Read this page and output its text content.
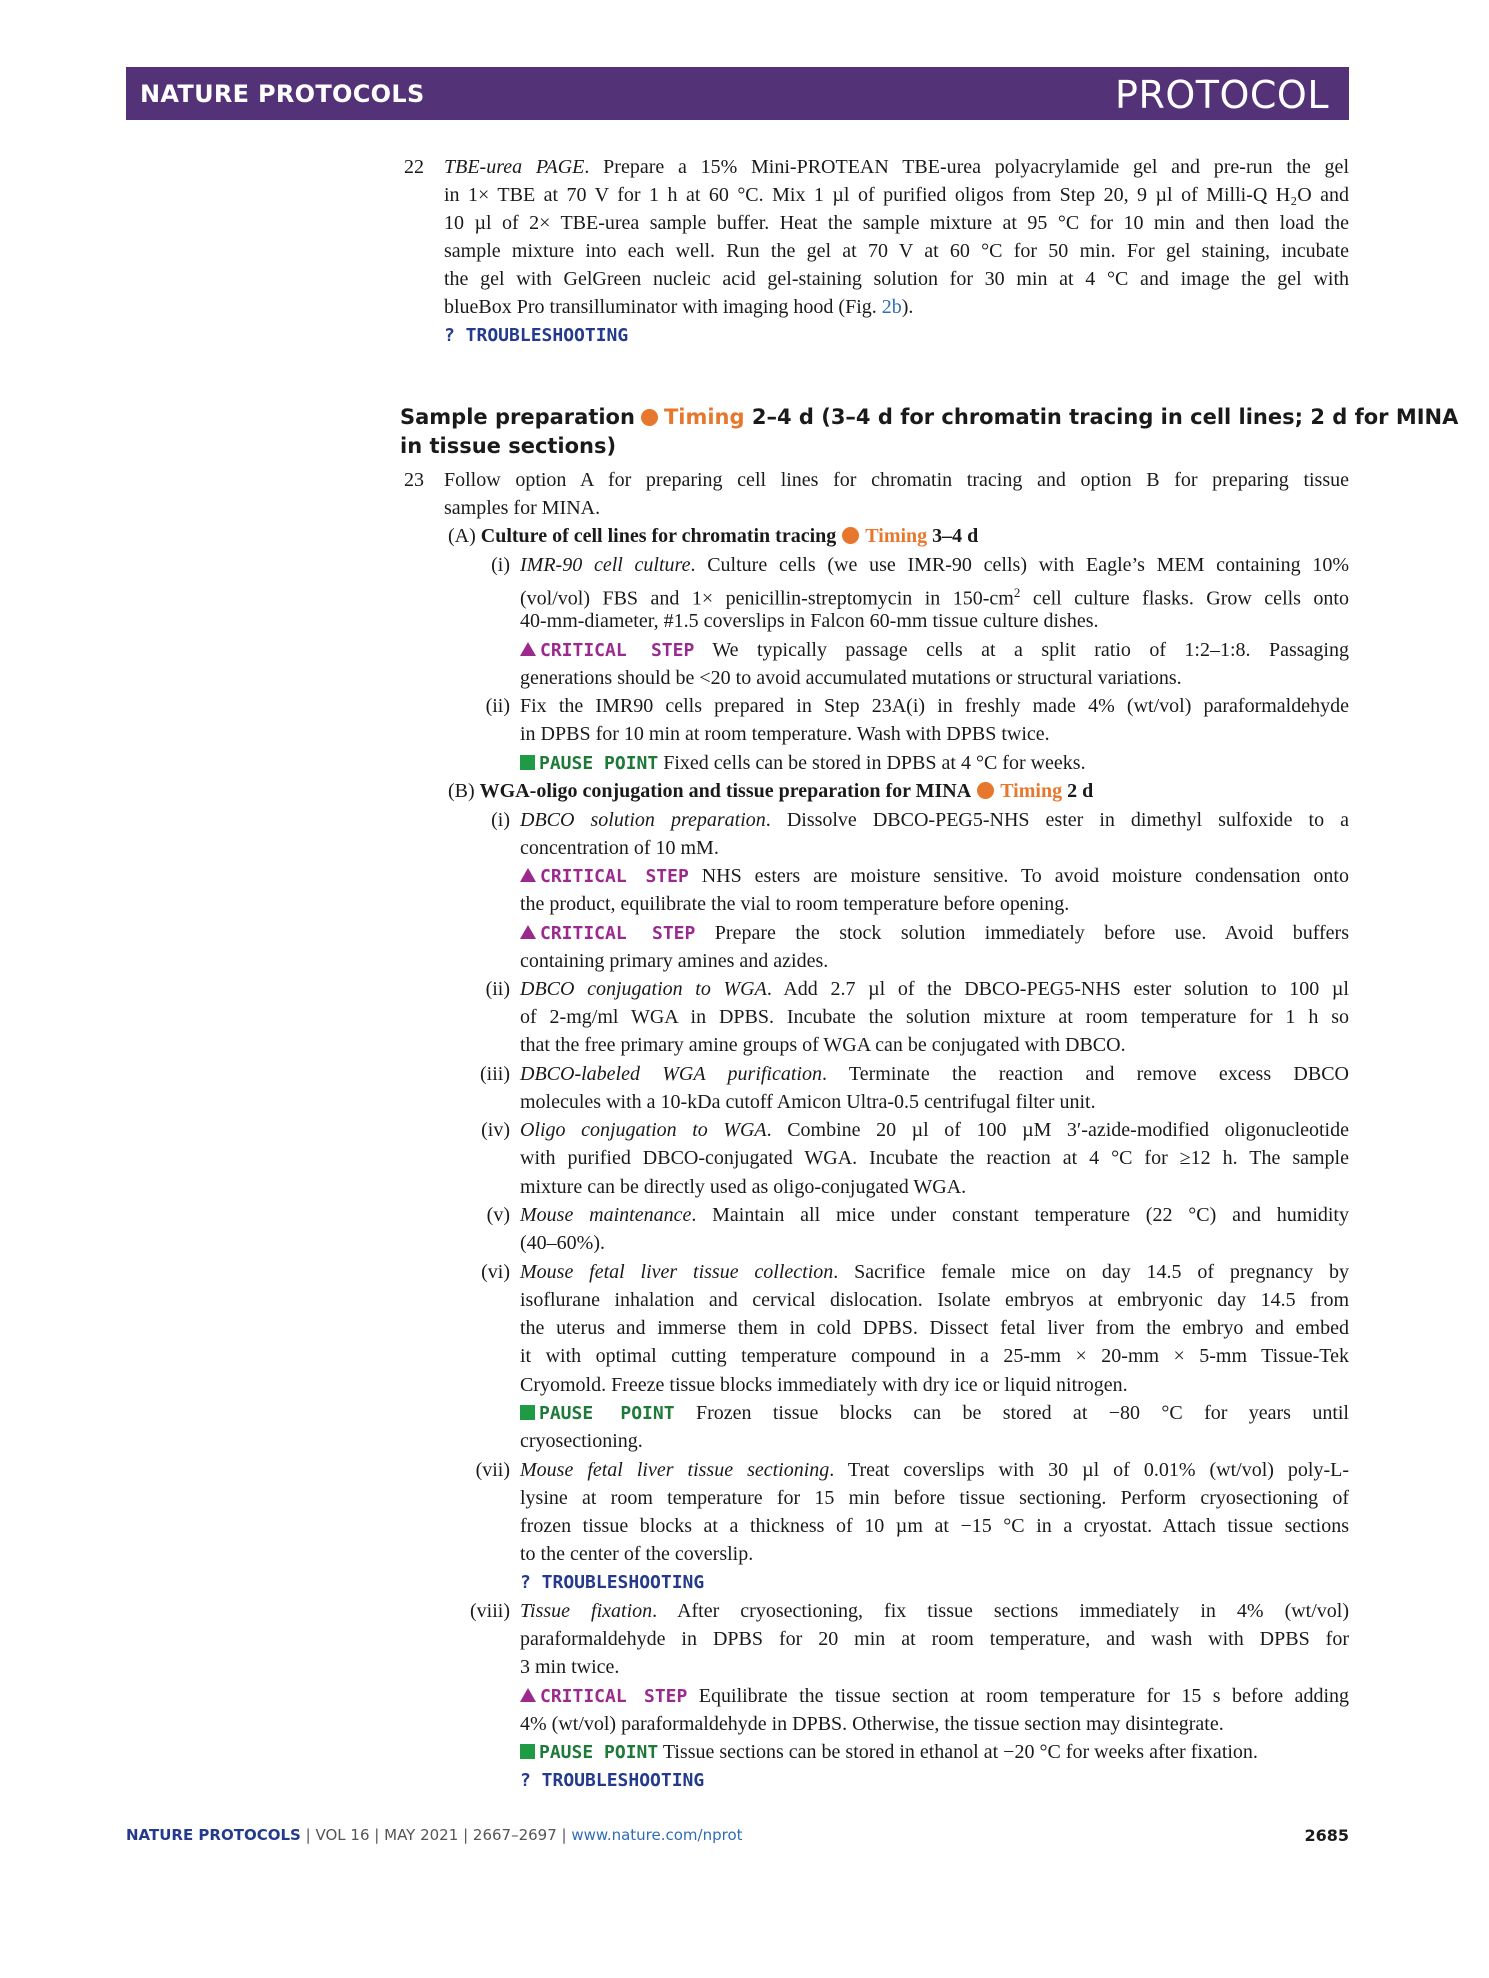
NATURE PROTOCOLS	PROTOCOL
22 TBE-urea PAGE. Prepare a 15% Mini-PROTEAN TBE-urea polyacrylamide gel and pre-run the gel
in 1× TBE at 70 V for 1 h at 60 °C. Mix 1 µl of purified oligos from Step 20, 9 µl of Milli-Q H₂O and
10 µl of 2× TBE-urea sample buffer. Heat the sample mixture at 95 °C for 10 min and then load the
sample mixture into each well. Run the gel at 70 V at 60 °C for 50 min. For gel staining, incubate
the gel with GelGreen nucleic acid gel-staining solution for 30 min at 4 °C and image the gel with
blueBox Pro transilluminator with imaging hood (Fig. 2b).
? TROUBLESHOOTING
Sample preparation Timing 2–4 d (3–4 d for chromatin tracing in cell lines; 2 d for MINA
in tissue sections)
23 Follow option A for preparing cell lines for chromatin tracing and option B for preparing tissue
samples for MINA.
(A) Culture of cell lines for chromatin tracing Timing 3–4 d
(i) IMR-90 cell culture. Culture cells (we use IMR-90 cells) with Eagle’s MEM containing 10%
(vol/vol) FBS and 1× penicillin-streptomycin in $150-cm^2$ cell culture flasks. Grow cells onto
40-mm-diameter, #1.5 coverslips in Falcon 60-mm tissue culture dishes.
CRITICAL STEP We typically passage cells at a split ratio of 1:2–1:8. Passaging
generations should be <20 to avoid accumulated mutations or structural variations.
(ii) Fix the IMR90 cells prepared in Step 23A(i) in freshly made 4% (wt/vol) paraformaldehyde
in DPBS for 10 min at room temperature. Wash with DPBS twice.
PAUSE POINT Fixed cells can be stored in DPBS at 4 °C for weeks.
(B) WGA-oligo conjugation and tissue preparation for MINA Timing 2 d
(i) DBCO solution preparation. Dissolve DBCO-PEG5-NHS ester in dimethyl sulfoxide to a
concentration of 10 mM.
CRITICAL STEP NHS esters are moisture sensitive. To avoid moisture condensation onto
the product, equilibrate the vial to room temperature before opening.
CRITICAL STEP Prepare the stock solution immediately before use. Avoid buffers
containing primary amines and azides.
(ii) DBCO conjugation to WGA. Add 2.7 µl of the DBCO-PEG5-NHS ester solution to 100 µl
of 2-mg/ml WGA in DPBS. Incubate the solution mixture at room temperature for 1 h so
that the free primary amine groups of WGA can be conjugated with DBCO.
(iii) DBCO-labeled WGA purification. Terminate the reaction and remove excess DBCO
molecules with a 10-kDa cutoff Amicon Ultra-0.5 centrifugal filter unit.
(iv) Oligo conjugation to WGA. Combine 20 µl of 100 µM 3′-azide-modified oligonucleotide
with purified DBCO-conjugated WGA. Incubate the reaction at 4 °C for ≥12 h. The sample
mixture can be directly used as oligo-conjugated WGA.
(v) Mouse maintenance. Maintain all mice under constant temperature (22 °C) and humidity
(40–60%).
(vi) Mouse fetal liver tissue collection. Sacrifice female mice on day 14.5 of pregnancy by
isoflurane inhalation and cervical dislocation. Isolate embryos at embryonic day 14.5 from
the uterus and immerse them in cold DPBS. Dissect fetal liver from the embryo and embed
it with optimal cutting temperature compound in a 25-mm × 20-mm × 5-mm Tissue-Tek
Cryomold. Freeze tissue blocks immediately with dry ice or liquid nitrogen.
PAUSE POINT Frozen tissue blocks can be stored at −80 °C for years until
cryosectioning.
(vii) Mouse fetal liver tissue sectioning. Treat coverslips with 30 µl of 0.01% (wt/vol) poly-L-
lysine at room temperature for 15 min before tissue sectioning. Perform cryosectioning of
frozen tissue blocks at a thickness of 10 µm at −15 °C in a cryostat. Attach tissue sections
to the center of the coverslip.
? TROUBLESHOOTING
(viii) Tissue fixation. After cryosectioning, fix tissue sections immediately in 4% (wt/vol)
paraformaldehyde in DPBS for 20 min at room temperature, and wash with DPBS for
3 min twice.
CRITICAL STEP Equilibrate the tissue section at room temperature for 15 s before adding
4% (wt/vol) paraformaldehyde in DPBS. Otherwise, the tissue section may disintegrate.
PAUSE POINT Tissue sections can be stored in ethanol at −20 °C for weeks after fixation.
? TROUBLESHOOTING
NATURE PROTOCOLS | VOL 16 | MAY 2021 | 2667–2697 | www.nature.com/nprot	2685
